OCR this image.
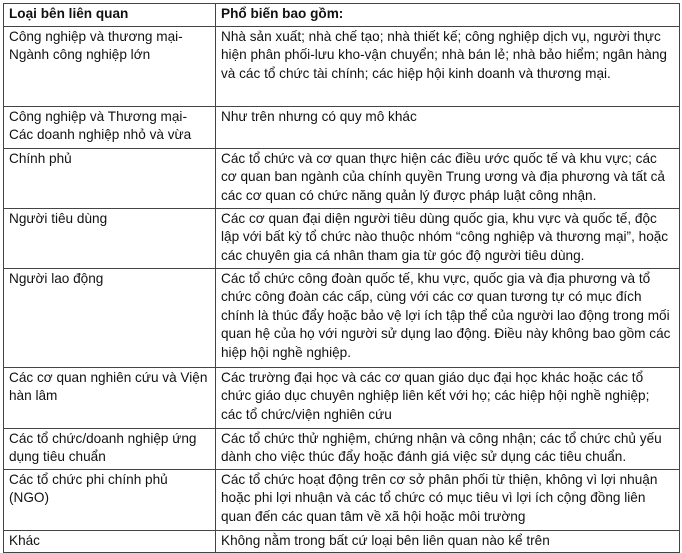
Loại bên liên quan	Phổ biến bao gồm:
Công nghiệp và thương mại-Ngành công nghiệp lớn	Nhà sản xuất; nhà chế tạo; nhà thiết kế; công nghiệp dịch vụ, người thực hiện phân phối-lưu kho-vận chuyển; nhà bán lẻ; nhà bảo hiểm; ngân hàng và các tổ chức tài chính; các hiệp hội kinh doanh và thương mại.
Công nghiệp và Thương mại-Các doanh nghiệp nhỏ và vừa	Như trên nhưng có quy mô khác
Chính phủ	Các tổ chức và cơ quan thực hiện các điều ước quốc tế và khu vực; các cơ quan ban ngành của chính quyền Trung ương và địa phương và tất cả các cơ quan có chức năng quản lý được pháp luật công nhận.
Người tiêu dùng	Các cơ quan đại diện người tiêu dùng quốc gia, khu vực và quốc tế, độc lập với bất kỳ tổ chức nào thuộc nhóm “công nghiệp và thương mại”, hoặc các chuyên gia cá nhân tham gia từ góc độ người tiêu dùng.
Người lao động	Các tổ chức công đoàn quốc tế, khu vực, quốc gia và địa phương và tổ chức công đoàn các cấp, cùng với các cơ quan tương tự có mục đích chính là thúc đẩy hoặc bảo vệ lợi ích tập thể của người lao động trong mối quan hệ của họ với người sử dụng lao động. Điều này không bao gồm các hiệp hội nghề nghiệp.
Các cơ quan nghiên cứu và Viện hàn lâm	Các trường đại học và các cơ quan giáo dục đại học khác hoặc các tổ chức giáo dục chuyên nghiệp liên kết với họ; các hiệp hội nghề nghiệp; các tổ chức/viện nghiên cứu
Các tổ chức/doanh nghiệp ứng dụng tiêu chuẩn	Các tổ chức thử nghiệm, chứng nhận và công nhận; các tổ chức chủ yếu dành cho việc thúc đẩy hoặc đánh giá việc sử dụng các tiêu chuẩn.
Các tổ chức phi chính phủ (NGO)	Các tổ chức hoạt động trên cơ sở phân phối từ thiện, không vì lợi nhuận hoặc phi lợi nhuận và các tổ chức có mục tiêu vì lợi ích cộng đồng liên quan đến các quan tâm về xã hội hoặc môi trường
Khác	Không nằm trong bất cứ loại bên liên quan nào kể trên
